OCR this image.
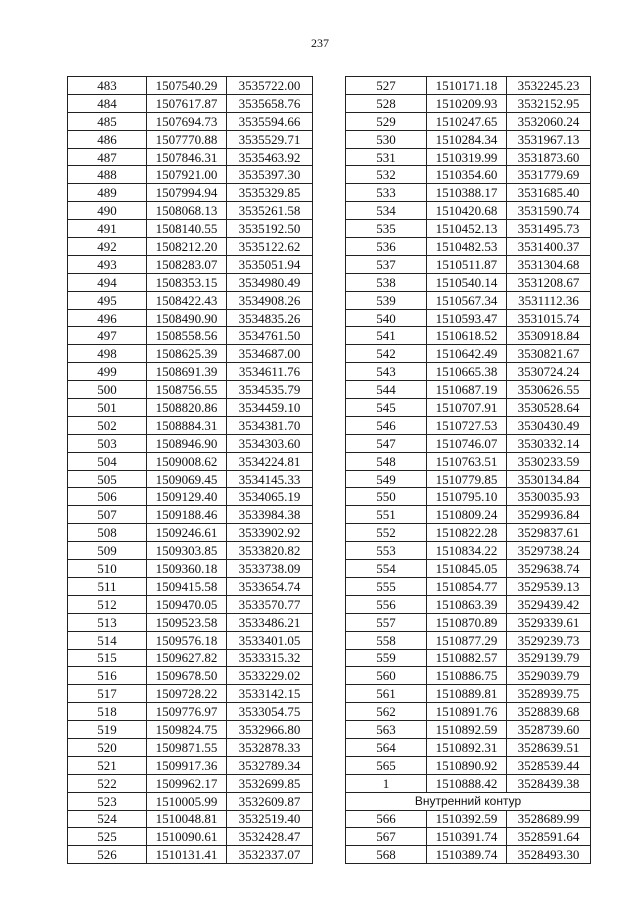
237
483	1507540.29	3535722.00
484	1507617.87	3535658.76
485	1507694.73	3535594.66
486	1507770.88	3535529.71
487	1507846.31	3535463.92
488	1507921.00	3535397.30
489	1507994.94	3535329.85
490	1508068.13	3535261.58
491	1508140.55	3535192.50
492	1508212.20	3535122.62
493	1508283.07	3535051.94
494	1508353.15	3534980.49
495	1508422.43	3534908.26
496	1508490.90	3534835.26
497	1508558.56	3534761.50
498	1508625.39	3534687.00
499	1508691.39	3534611.76
500	1508756.55	3534535.79
501	1508820.86	3534459.10
502	1508884.31	3534381.70
503	1508946.90	3534303.60
504	1509008.62	3534224.81
505	1509069.45	3534145.33
506	1509129.40	3534065.19
507	1509188.46	3533984.38
508	1509246.61	3533902.92
509	1509303.85	3533820.82
510	1509360.18	3533738.09
511	1509415.58	3533654.74
512	1509470.05	3533570.77
513	1509523.58	3533486.21
514	1509576.18	3533401.05
515	1509627.82	3533315.32
516	1509678.50	3533229.02
517	1509728.22	3533142.15
518	1509776.97	3533054.75
519	1509824.75	3532966.80
520	1509871.55	3532878.33
521	1509917.36	3532789.34
522	1509962.17	3532699.85
523	1510005.99	3532609.87
524	1510048.81	3532519.40
525	1510090.61	3532428.47
526	1510131.41	3532337.07
527	1510171.18	3532245.23
528	1510209.93	3532152.95
529	1510247.65	3532060.24
530	1510284.34	3531967.13
531	1510319.99	3531873.60
532	1510354.60	3531779.69
533	1510388.17	3531685.40
534	1510420.68	3531590.74
535	1510452.13	3531495.73
536	1510482.53	3531400.37
537	1510511.87	3531304.68
538	1510540.14	3531208.67
539	1510567.34	3531112.36
540	1510593.47	3531015.74
541	1510618.52	3530918.84
542	1510642.49	3530821.67
543	1510665.38	3530724.24
544	1510687.19	3530626.55
545	1510707.91	3530528.64
546	1510727.53	3530430.49
547	1510746.07	3530332.14
548	1510763.51	3530233.59
549	1510779.85	3530134.84
550	1510795.10	3530035.93
551	1510809.24	3529936.84
552	1510822.28	3529837.61
553	1510834.22	3529738.24
554	1510845.05	3529638.74
555	1510854.77	3529539.13
556	1510863.39	3529439.42
557	1510870.89	3529339.61
558	1510877.29	3529239.73
559	1510882.57	3529139.79
560	1510886.75	3529039.79
561	1510889.81	3528939.75
562	1510891.76	3528839.68
563	1510892.59	3528739.60
564	1510892.31	3528639.51
565	1510890.92	3528539.44
1	1510888.42	3528439.38
Внутренний контур		
566	1510392.59	3528689.99
567	1510391.74	3528591.64
568	1510389.74	3528493.30
